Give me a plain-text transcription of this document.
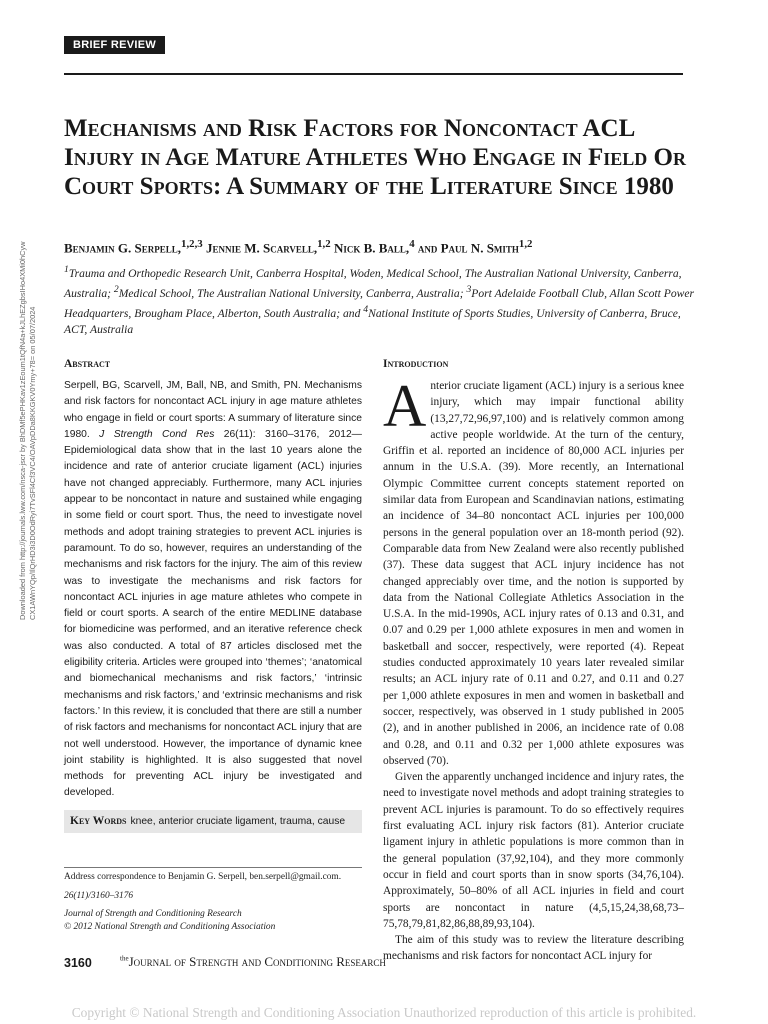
BRIEF REVIEW
Downloaded from http://journals.lww.com/nsca-jscr by BhDMf5ePHKav1zEoum1tQfN4a+kJLhEZgbsIHo4XMi0hCyw CX1AWnYQp/IlQrHD3i3D0OdRyi7TvSFl4Cf3VC4/OAVpDDa8KKGKV0Ymy+78= on 05/07/2024
Mechanisms and Risk Factors for Noncontact ACL Injury in Age Mature Athletes Who Engage in Field Or Court Sports: A Summary of the Literature Since 1980
Benjamin G. Serpell,$^{1,2,3}$ Jennie M. Scarvell,$^{1,2}$ Nick B. Ball,$^4$ and Paul N. Smith$^{1,2}$
$^1$Trauma and Orthopedic Research Unit, Canberra Hospital, Woden, Medical School, The Australian National University, Canberra, Australia; $^2$Medical School, The Australian National University, Canberra, Australia; $^3$Port Adelaide Football Club, Allan Scott Power Headquarters, Brougham Place, Alberton, South Australia; and $^4$National Institute of Sports Studies, University of Canberra, Bruce, ACT, Australia
Abstract

Serpell, BG, Scarvell, JM, Ball, NB, and Smith, PN. Mechanisms and risk factors for noncontact ACL injury in age mature athletes who engage in field or court sports: A summary of literature since 1980. J Strength Cond Res 26(11): 3160–3176, 2012—Epidemiological data show that in the last 10 years alone the incidence and rate of anterior cruciate ligament (ACL) injuries have not changed appreciably. Furthermore, many ACL injuries appear to be noncontact in nature and sustained while engaging in some field or court sport. Thus, the need to investigate novel methods and adopt training strategies to prevent ACL injuries is paramount. To do so, however, requires an understanding of the mechanisms and risk factors for the injury. The aim of this review was to investigate the mechanisms and risk factors for noncontact ACL injuries in age mature athletes who compete in field or court sports. A search of the entire MEDLINE database for biomedicine was performed, and an iterative reference check was also conducted. A total of 87 articles disclosed met the eligibility criteria. Articles were grouped into ‘themes’; ‘anatomical and biomechanical mechanisms and risk factors,’ ‘intrinsic mechanisms and risk factors,’ and ‘extrinsic mechanisms and risk factors.’ In this review, it is concluded that there are still a number of risk factors and mechanisms for noncontact ACL injury that are not well understood. However, the importance of dynamic knee joint stability is highlighted. It is also suggested that novel methods for preventing ACL injury be investigated and developed.

Key Words knee, anterior cruciate ligament, trauma, cause

Address correspondence to Benjamin G. Serpell, ben.serpell@gmail.com.

26(11)/3160–3176

Journal of Strength and Conditioning Research

© 2012 National Strength and Conditioning Association

Introduction

Anterior cruciate ligament (ACL) injury is a serious knee injury, which may impair functional ability (13,27,72,96,97,100) and is relatively common among active people worldwide. At the turn of the century, Griffin et al. reported an incidence of 80,000 ACL injuries per annum in the U.S.A. (39). More recently, an International Olympic Committee current concepts statement reported on similar data from European and Scandinavian nations, estimating an incidence of 34–80 noncontact ACL injuries per 100,000 persons in the general population over an 18-month period (92). Comparable data from New Zealand were also recently published (37). These data suggest that ACL injury incidence has not changed appreciably over time, and the notion is supported by data from the National Collegiate Athletics Association in the U.S.A. In the mid-1990s, ACL injury rates of 0.13 and 0.31, and 0.07 and 0.29 per 1,000 athlete exposures in men and women in basketball and soccer, respectively, were reported (4). Repeat studies conducted approximately 10 years later revealed similar results; an ACL injury rate of 0.11 and 0.27, and 0.11 and 0.27 per 1,000 athlete exposures in men and women in basketball and soccer, respectively, was observed in 1 study published in 2005 (2), and in another published in 2006, an incidence rate of 0.08 and 0.28, and 0.11 and 0.32 per 1,000 athlete exposures was observed (70).

Given the apparently unchanged incidence and injury rates, the need to investigate novel methods and adopt training strategies to prevent ACL injuries is paramount. To do so effectively requires first evaluating ACL injury risk factors (81). Anterior cruciate ligament injury in athletic populations is more common than in the general population (37,92,104), and they more commonly occur in field and court sports than in snow sports (34,76,104). Approximately, 50–80% of all ACL injuries in field and court sports are noncontact in nature (4,5,15,24,38,68,73–75,78,79,81,82,86,88,89,93,104).

The aim of this study was to review the literature describing mechanisms and risk factors for noncontact ACL injury for

3160	$^{the}$Journal of Strength and Conditioning Research
Copyright © National Strength and Conditioning Association Unauthorized reproduction of this article is prohibited.
